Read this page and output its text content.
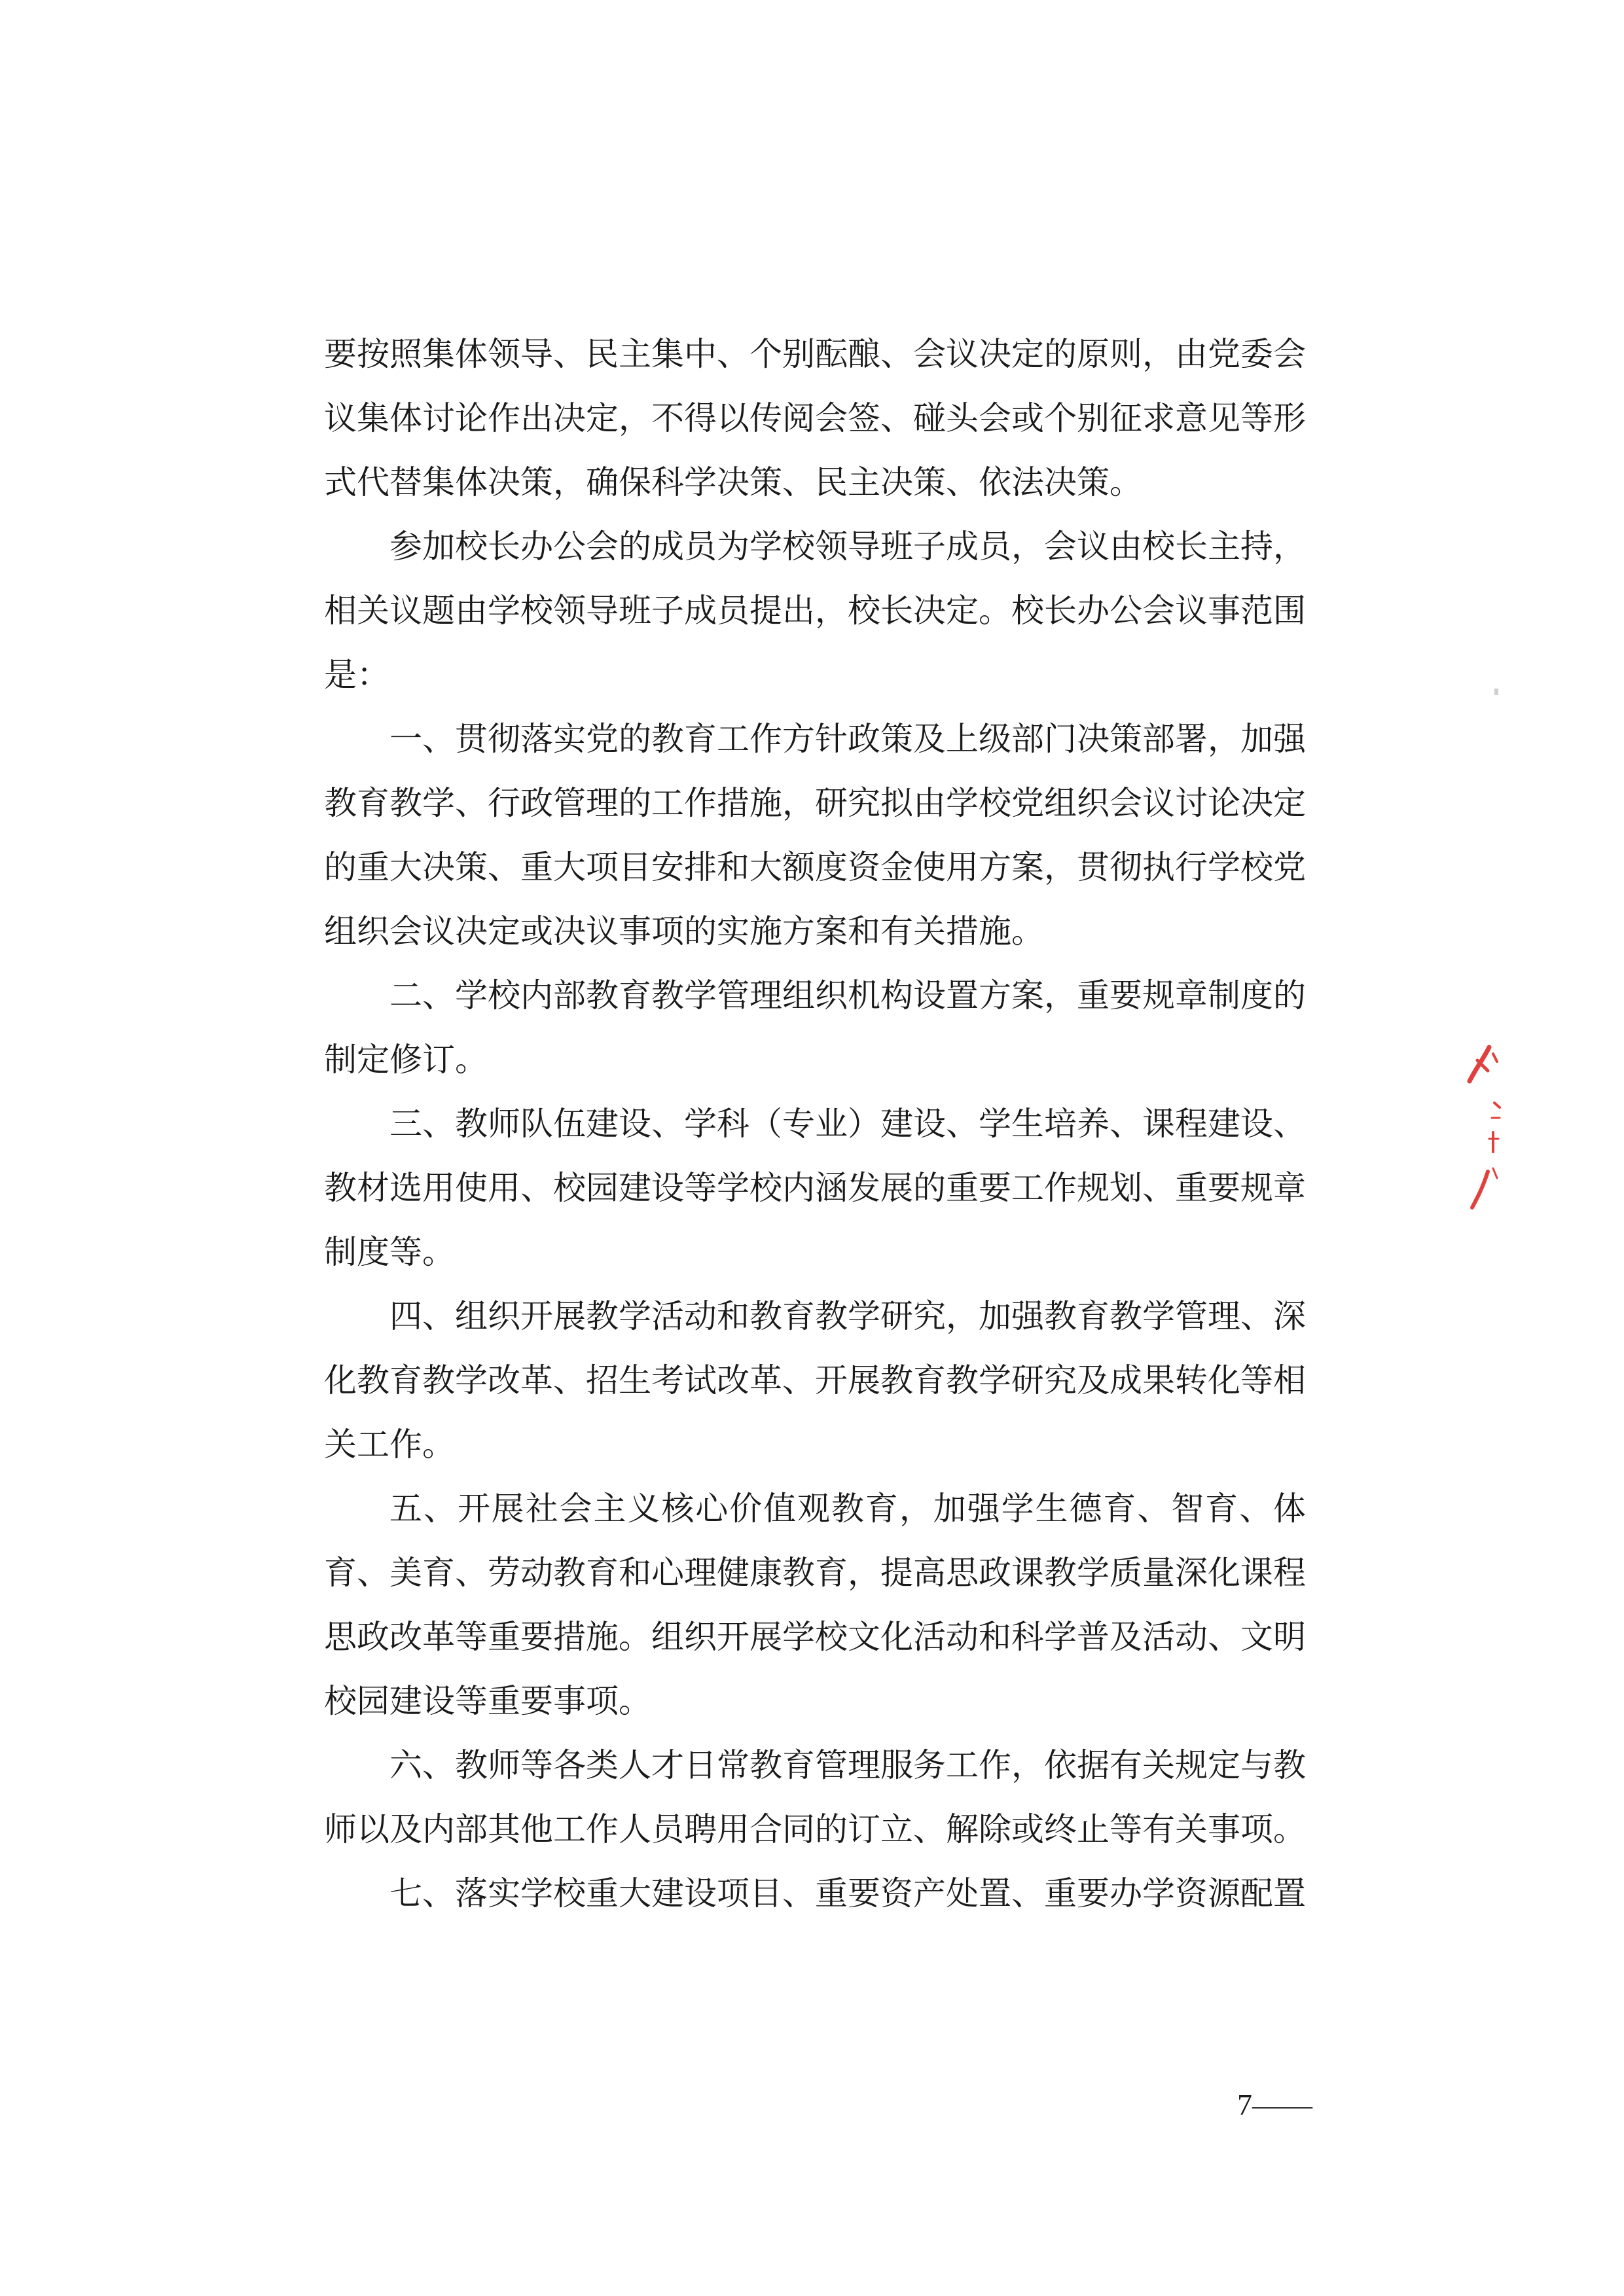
要按照集体领导、民主集中、个别酝酿、会议决定的原则，由党委会议集体讨论作出决定，不得以传阅会签、碰头会或个别征求意见等形式代替集体决策，确保科学决策、民主决策、依法决策。

参加校长办公会的成员为学校领导班子成员，会议由校长主持，相关议题由学校领导班子成员提出，校长决定。校长办公会议事范围是：

一、贯彻落实党的教育工作方针政策及上级部门决策部署，加强教育教学、行政管理的工作措施，研究拟由学校党组织会议讨论决定的重大决策、重大项目安排和大额度资金使用方案，贯彻执行学校党组织会议决定或决议事项的实施方案和有关措施。

二、学校内部教育教学管理组织机构设置方案，重要规章制度的制定修订。

三、教师队伍建设、学科（专业）建设、学生培养、课程建设、教材选用使用、校园建设等学校内涵发展的重要工作规划、重要规章制度等。

四、组织开展教学活动和教育教学研究，加强教育教学管理、深化教育教学改革、招生考试改革、开展教育教学研究及成果转化等相关工作。

五、开展社会主义核心价值观教育，加强学生德育、智育、体育、美育、劳动教育和心理健康教育，提高思政课教学质量深化课程思政改革等重要措施。组织开展学校文化活动和科学普及活动、文明校园建设等重要事项。

六、教师等各类人才日常教育管理服务工作，依据有关规定与教师以及内部其他工作人员聘用合同的订立、解除或终止等有关事项。

七、落实学校重大建设项目、重要资产处置、重要办学资源配置

7——
